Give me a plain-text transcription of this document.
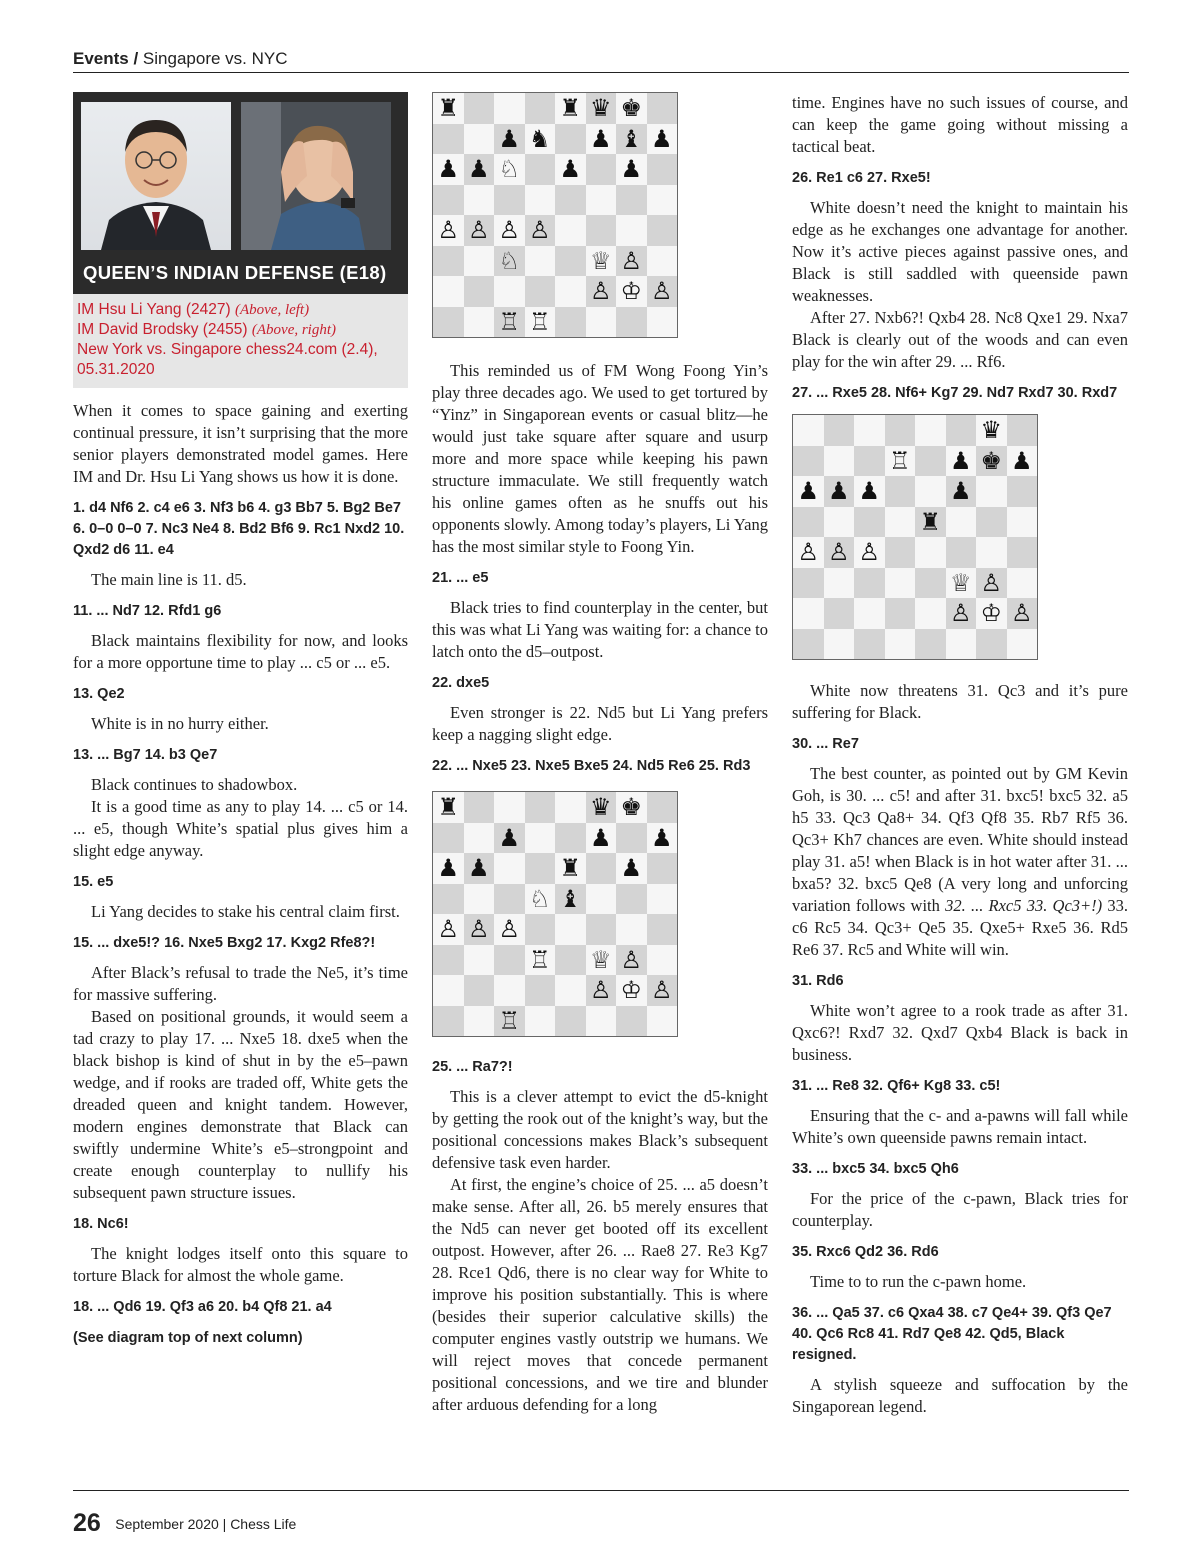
Events / Singapore vs. NYC
QUEEN’S INDIAN DEFENSE (E18)
IM Hsu Li Yang (2427) (Above, left)
IM David Brodsky (2455) (Above, right)
New York vs. Singapore chess24.com (2.4),
05.31.2020

When it comes to space gaining and exerting continual pressure, it isn’t surprising that the more senior players demonstrated model games. Here IM and Dr. Hsu Li Yang shows us how it is done.

1. d4 Nf6 2. c4 e6 3. Nf3 b6 4. g3 Bb7 5. Bg2 Be7 6. 0–0 0–0 7. Nc3 Ne4 8. Bd2 Bf6 9. Rc1 Nxd2 10. Qxd2 d6 11. e4

The main line is 11. d5.

11. ... Nd7 12. Rfd1 g6

Black maintains flexibility for now, and looks for a more opportune time to play ... c5 or ... e5.

13. Qe2

White is in no hurry either.

13. ... Bg7 14. b3 Qe7

Black continues to shadowbox.

It is a good time as any to play 14. ... c5 or 14. ... e5, though White’s spatial plus gives him a slight edge anyway.

15. e5

Li Yang decides to stake his central claim first.

15. ... dxe5!? 16. Nxe5 Bxg2 17. Kxg2 Rfe8?!

After Black’s refusal to trade the Ne5, it’s time for massive suffering.

Based on positional grounds, it would seem a tad crazy to play 17. ... Nxe5 18. dxe5 when the black bishop is kind of shut in by the e5–pawn wedge, and if rooks are traded off, White gets the dreaded queen and knight tandem. However, modern engines demonstrate that Black can swiftly undermine White’s e5–strongpoint and create enough counterplay to nullify his subsequent pawn structure issues.

18. Nc6!

The knight lodges itself onto this square to torture Black for almost the whole game.

18. ... Qd6 19. Qf3 a6 20. b4 Qf8 21. a4

(See diagram top of next column)

♜	♜ ♛ ♚
♟ ♞ ♟ ♝ ♟
♟ ♟ ♘ ♟ ♟
♙ ♙ ♙ ♙
♘	♕ ♙
♙ ♔ ♙
♖ ♖

This reminded us of FM Wong Foong Yin’s play three decades ago. We used to get tortured by “Yinz” in Singaporean events or casual blitz—he would just take square after square and usurp more and more space while keeping his pawn structure immaculate. We still frequently watch his online games often as he snuffs out his opponents slowly. Among today’s players, Li Yang has the most similar style to Foong Yin.

21. ... e5

Black tries to find counterplay in the center, but this was what Li Yang was waiting for: a chance to latch onto the d5–outpost.

22. dxe5

Even stronger is 22. Nd5 but Li Yang prefers keep a nagging slight edge.

22. ... Nxe5 23. Nxe5 Bxe5 24. Nd5 Re6 25. Rd3

♜	♛ ♚
♟	♟ ♟
♟ ♟	♜ ♟
♘ ♝
♙ ♙ ♙
♖ ♕ ♙
♙ ♔ ♙
♖

25. ... Ra7?!

This is a clever attempt to evict the d5-knight by getting the rook out of the knight’s way, but the positional concessions makes Black’s subsequent defensive task even harder.

At first, the engine’s choice of 25. ... a5 doesn’t make sense. After all, 26. b5 merely ensures that the Nd5 can never get booted off its excellent outpost. However, after 26. ... Rae8 27. Re3 Kg7 28. Rce1 Qd6, there is no clear way for White to improve his position substantially. This is where (besides their superior calculative skills) the computer engines vastly outstrip we humans. We will reject moves that concede permanent positional concessions, and we tire and blunder after arduous defending for a long

time. Engines have no such issues of course, and can keep the game going without missing a tactical beat.

26. Re1 c6 27. Rxe5!

White doesn’t need the knight to maintain his edge as he exchanges one advantage for another. Now it’s active pieces against passive ones, and Black is still saddled with queenside pawn weaknesses.

After 27. Nxb6?! Qxb4 28. Nc8 Qxe1 29. Nxa7 Black is clearly out of the woods and can even play for the win after 29. ... Rf6.

27. ... Rxe5 28. Nf6+ Kg7 29. Nd7 Rxd7 30. Rxd7

♛
♖ ♟ ♚ ♟
♟ ♟ ♟	♟
♜
♙ ♙ ♙
♕ ♙
♙ ♔ ♙

White now threatens 31. Qc3 and it’s pure suffering for Black.

30. ... Re7

The best counter, as pointed out by GM Kevin Goh, is 30. ... c5! and after 31. bxc5! bxc5 32. a5 h5 33. Qc3 Qa8+ 34. Qf3 Qf8 35. Rb7 Rf5 36. Qc3+ Kh7 chances are even. White should instead play 31. a5! when Black is in hot water after 31. ... bxa5? 32. bxc5 Qe8 (A very long and unforcing variation follows with 32. ... Rxc5 33. Qc3+!) 33. c6 Rc5 34. Qc3+ Qe5 35. Qxe5+ Rxe5 36. Rd5 Re6 37. Rc5 and White will win.

31. Rd6

White won’t agree to a rook trade as after 31. Qxc6?! Rxd7 32. Qxd7 Qxb4 Black is back in business.

31. ... Re8 32. Qf6+ Kg8 33. c5!

Ensuring that the c- and a-pawns will fall while White’s own queenside pawns remain intact.

33. ... bxc5 34. bxc5 Qh6

For the price of the c-pawn, Black tries for counterplay.

35. Rxc6 Qd2 36. Rd6

Time to to run the c-pawn home.

36. ... Qa5 37. c6 Qxa4 38. c7 Qe4+ 39. Qf3 Qe7 40. Qc6 Rc8 41. Rd7 Qe8 42. Qd5, Black resigned.

A stylish squeeze and suffocation by the Singaporean legend.

26 September 2020 | Chess Life
